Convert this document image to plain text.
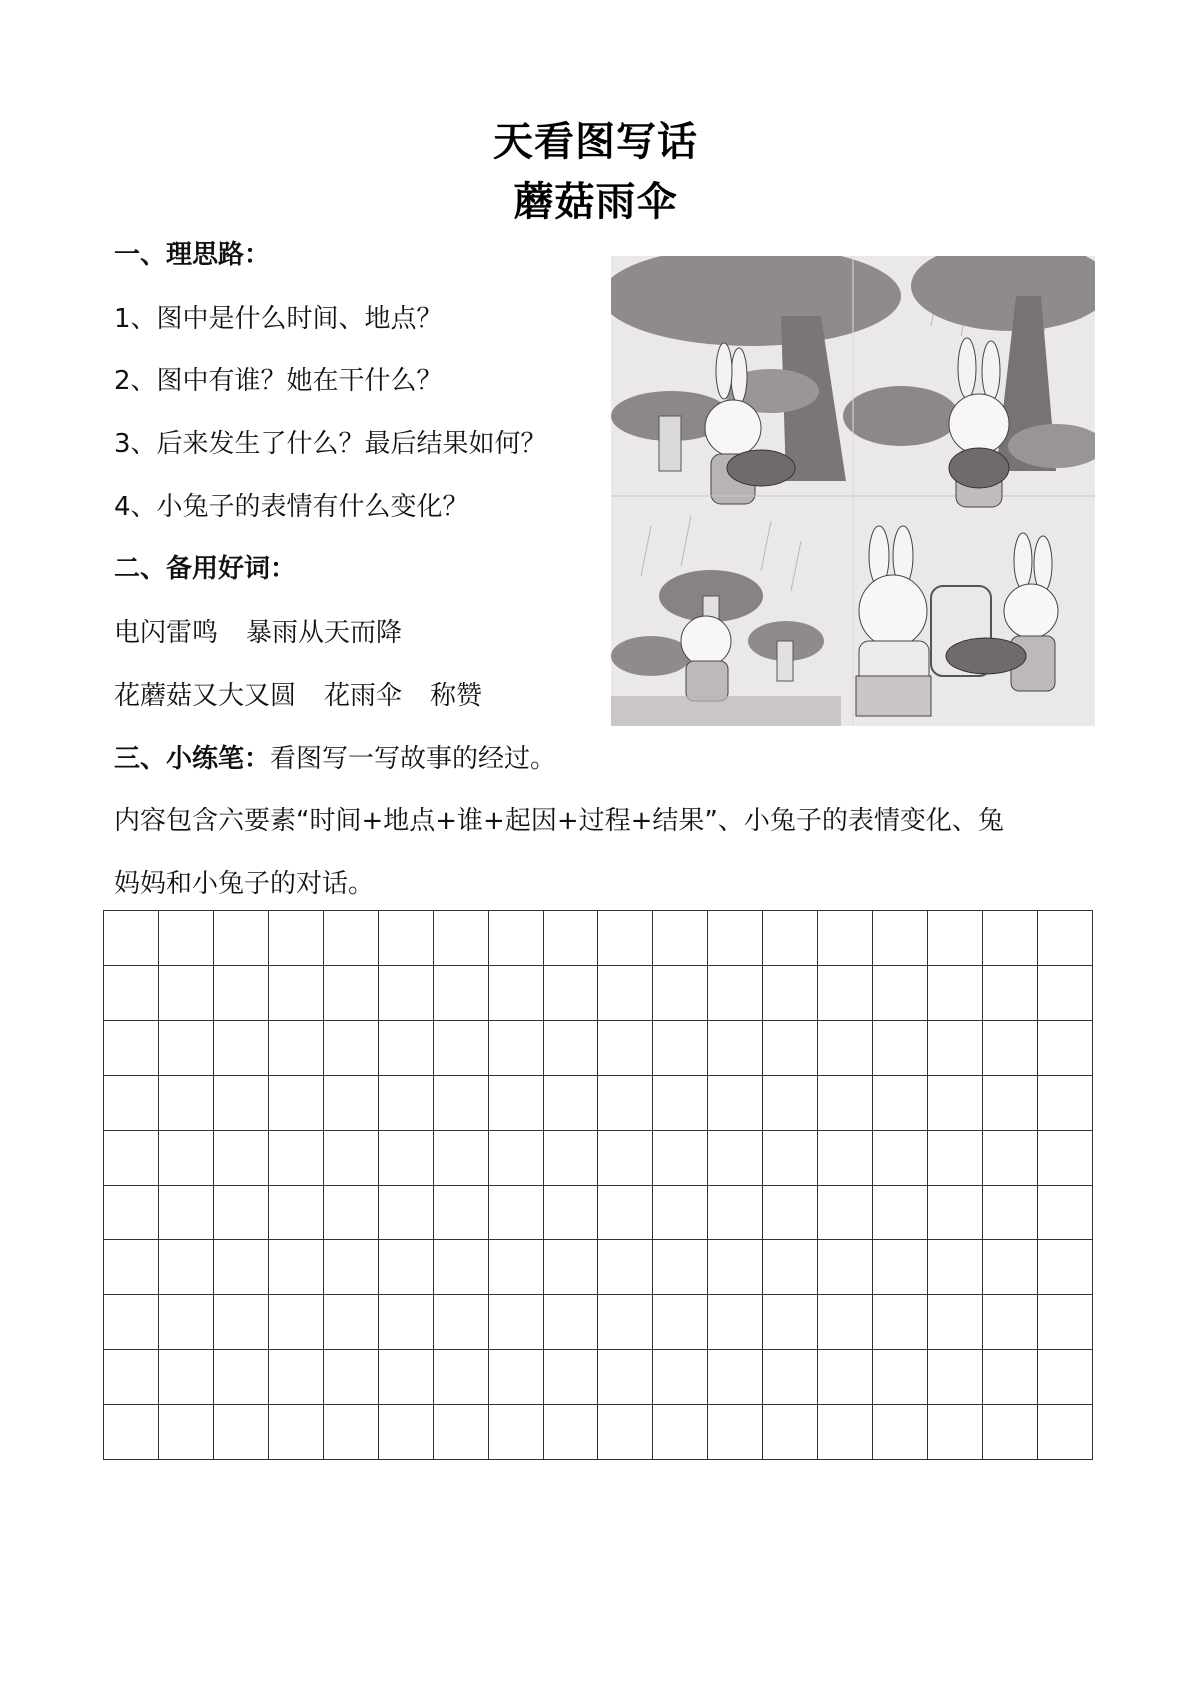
天看图写话
蘑菇雨伞
一、理思路：
1、图中是什么时间、地点？
2、图中有谁？她在干什么？
3、后来发生了什么？最后结果如何？
4、小兔子的表情有什么变化？
二、备用好词：
电闪雷鸣 暴雨从天而降
花蘑菇又大又圆 花雨伞 称赞
三、小练笔：看图写一写故事的经过。
内容包含六要素“时间+地点+谁+起因+过程+结果”、小兔子的表情变化、兔
妈妈和小兔子的对话。
